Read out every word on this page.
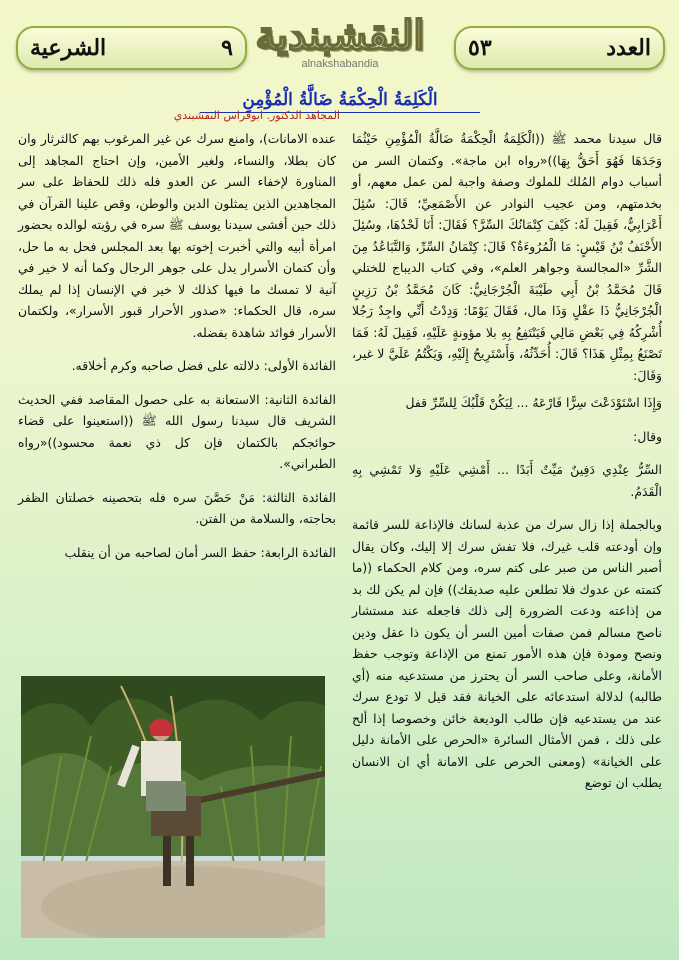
٩
الشرعية	النقشبندية
alnakshabandia
العدد
٥٣
الْكَلِمَةُ الْحِكْمَةُ ضَالَّةُ الْمُؤْمِنِ
المجاهد الدكتور. ابوفراس النقشبندي

قال سيدنا محمد ﷺ ((الْكَلِمَةُ الْحِكْمَةُ ضَالَّةُ الْمُؤْمِنِ حَيْثُمَا وَجَدَهَا فَهُوَ أَحَقُّ بِهَا))«رواه ابن ماجة». وكتمان السر من أسباب دوام المُلك للملوك وصفة واجبة لمن عمل معهم، أو بخدمتهم، ومن عجيب النوادر عن الأَصْمَعِيِّ؛ قَالَ: سُئِلَ أَعْرَابِيٌّ، فَقِيلَ لَهُ: كَيْفَ كِتْمَانُكَ السِّرَّ؟ فَقَالَ: أَنَا لَحْدُهَا، وسُئِلَ الأَحْنَفُ بْنُ قَيْسٍ: مَا الْمُرُوءَةُ؟ قَالَ: كِتْمَانُ السِّرِّ، وَالتَّبَاعُدُ مِنَ الشَّرِّ «المجالسة وجواهر العلم»، وفي كتاب الديباج للختلي قَالَ مُحَمَّدُ بْنُ أَبِي طَيْبَةَ الْجُرْجَانِيُّ: كَانَ مُحَمَّدُ بْنُ رَزِينٍ الْجُرْجَانِيُّ ذَا عقْلٍ وَذَا مال، فَقَالَ يَوْمًا: وَدِدْتُ أَنِّي واجِدٌ رَجُلا أُشْرِكُهُ فِي بَعْضِ مَالِي فَيَنْتَفِعُ بِهِ بلا مؤونةٍ عَلَيْهِ، فَقِيلَ لَهُ: فَمَا تَصْنَعُ بِمِثْلِ هَذَا؟ قَالَ: أُحَدِّثُهُ، وَأَسْتَرِيحُ إِلَيْهِ، وَيَكْتُمُ عَلَيَّ لا غير، وَقَالَ:

وَإِذَا اسْتَوْدَعْتَ سِرًّا فَارْعَهُ ... لِيَكُنْ قَلْبُكَ لِلسِّرِّ قفل

وقال:

السِّرُّ عِنْدِي دَفِينٌ مَيِّتٌ أَبَدًا ... أَمْشِي عَلَيْهِ وَلا تَمْشِي بِهِ الْقَدَمُ.

وبالجملة إذا زال سرك من عذبة لسانك فالإذاعة للسر قائمة وإن أودعته قلب غيرك، فلا تفش سرك إلا إليك، وكان يقال أصبر الناس من صبر على كتم سره، ومن كلام الحكماء ((ما كتمته عن عدوك فلا تطلعن عليه صديقك)) فإن لم يكن لك بد من إذاعته ودعت الضرورة إلى ذلك فاجعله عند مستشار ناصح مسالم فمن صفات أمين السر أن يكون ذا عقل ودين ونصح ومودة فإن هذه الأمور تمنع من الإذاعة وتوجب حفظ الأمانة، وعلى صاحب السر أن يحترز من مستدعيه منه (أي طالبه) لدلالة استدعائه على الخيانة فقد قيل لا تودع سرك عند من يستدعيه فإن طالب الوديعة خائن وخصوصا إذا ألح على ذلك ، فمن الأمثال السائرة «الحرص على الأمانة دليل على الخيانة» (ومعنى الحرص على الامانة أي ان الانسان يطلب ان توضع

عنده الامانات)، وامنع سرك عن غير المرغوب بهم كالثرثار وان كان بطلا، والنساء، ولغير الأمين، وإن احتاج المجاهد إلى المناورة لإخفاء السر عن العدو فله ذلك للحفاظ على سر المجاهدين الذين يمثلون الدين والوطن، وقص علينا القرآن في ذلك حين أفشى سيدنا يوسف ﷺ سره في رؤيته لوالده بحضور امرأة أبيه والتي أخبرت إخوته بها بعد المجلس فحل به ما حل، وأن كتمان الأسرار يدل على جوهر الرجال وكما أنه لا خير في آنية لا تمسك ما فيها كذلك لا خير في الإنسان إذا لم يملك سره، قال الحكماء: «صدور الأحرار قبور الأسرار»، ولكتمان الأسرار فوائد شاهدة بفضله.

الفائدة الأولى: دلالته على فضل صاحبه وكرم أخلاقه.

الفائدة الثانية: الاستعانة به على حصول المقاصد ففي الحديث الشريف قال سيدنا رسول الله ﷺ ((استعينوا على قضاء حوائجكم بالكتمان فإن كل ذي نعمة محسود))«رواه الطبراني».

الفائدة الثالثة: مَنْ حَصَّنَ سره فله بتحصينه خصلتان الظفر بحاجته، والسلامة من الفتن.

الفائدة الرابعة: حفظ السر أمان لصاحبه من أن ينقلب
